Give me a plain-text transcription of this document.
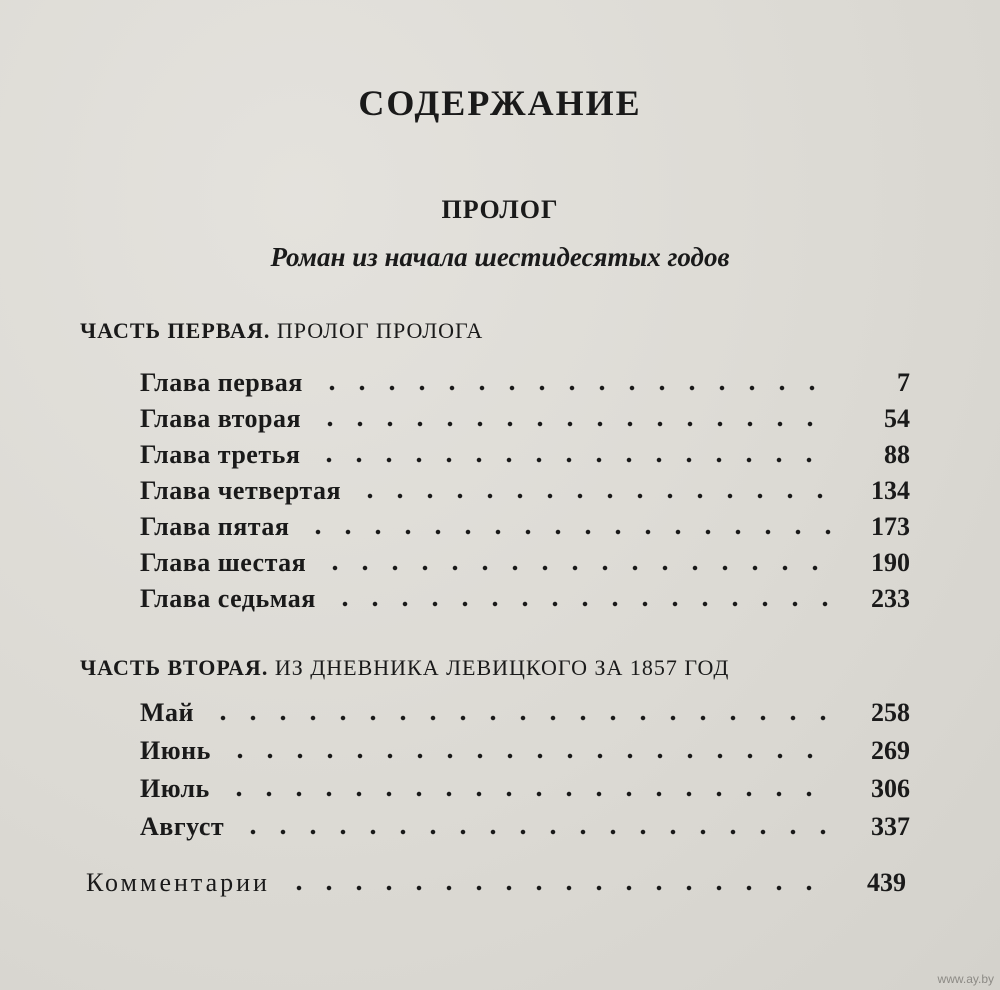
СОДЕРЖАНИЕ
ПРОЛОГ
Роман из начала шестидесятых годов
ЧАСТЬ ПЕРВАЯ. ПРОЛОГ ПРОЛОГА
Глава первая	7
Глава вторая	54
Глава третья	88
Глава четвертая	134
Глава пятая	173
Глава шестая	190
Глава седьмая	233
ЧАСТЬ ВТОРАЯ. ИЗ ДНЕВНИКА ЛЕВИЦКОГО ЗА 1857 ГОД
Май	258
Июнь	269
Июль	306
Август	337
Комментарии	439
www.ay.by
